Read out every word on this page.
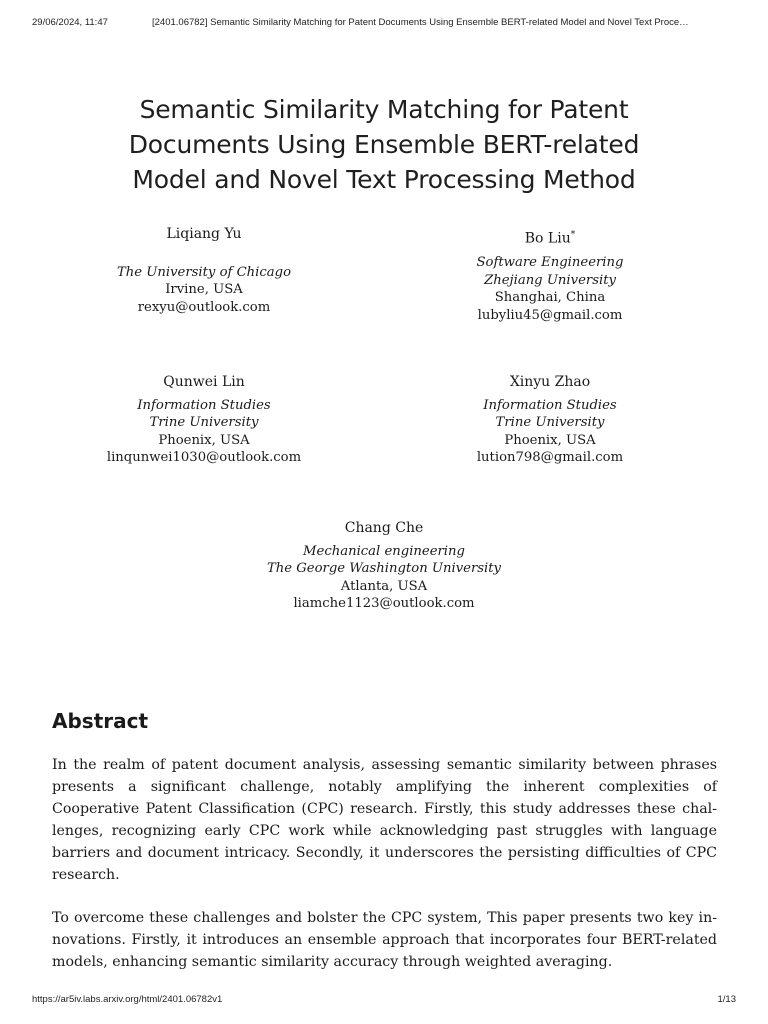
29/06/2024, 11:47	[2401.06782] Semantic Similarity Matching for Patent Documents Using Ensemble BERT-related Model and Novel Text Proce…
Semantic Similarity Matching for Patent Documents Using Ensemble BERT-related Model and Novel Text Processing Method
Liqiang Yu
The University of Chicago
Irvine, USA
rexyu@outlook.com
Bo Liu*
Software Engineering
Zhejiang University
Shanghai, China
lubyliu45@gmail.com
Qunwei Lin
Information Studies
Trine University
Phoenix, USA
linqunwei1030@outlook.com
Xinyu Zhao
Information Studies
Trine University
Phoenix, USA
lution798@gmail.com
Chang Che
Mechanical engineering
The George Washington University
Atlanta, USA
liamche1123@outlook.com
Abstract

In the realm of patent document analysis, assessing semantic similarity between phrases presents a significant challenge, notably amplifying the inherent complexities of Cooperative Patent Classification (CPC) research. Firstly, this study addresses these challenges, recognizing early CPC work while acknowledging past struggles with language barriers and document intricacy. Secondly, it underscores the persisting difficulties of CPC research.

To overcome these challenges and bolster the CPC system, This paper presents two key innovations. Firstly, it introduces an ensemble approach that incorporates four BERT-related models, enhancing semantic similarity accuracy through weighted averaging.

https://ar5iv.labs.arxiv.org/html/2401.06782v1	1/13
